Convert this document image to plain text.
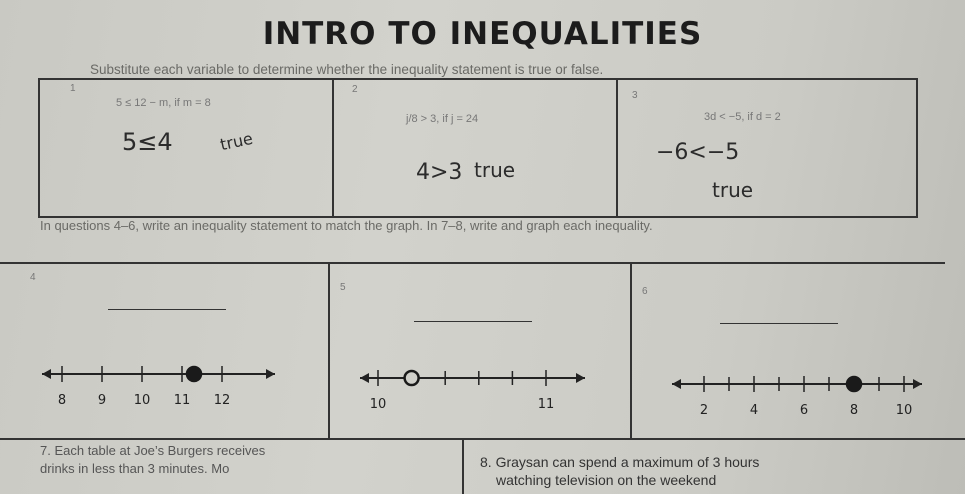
INTRO TO INEQUALITIES
Substitute each variable to determine whether the inequality statement is true or false.
1
5 ≤ 12 − m, if m = 8
5≤4	true
2
j/8 > 3, if j = 24
4>3 true
3
3d < −5, if d = 2
−6<−5
true
In questions 4–6, write an inequality statement to match the graph. In 7–8, write and graph each inequality.
4
8 9 10 11 12
5
10	11
6
2	4	6	8	10
7. Each table at Joe’s Burgers receives
drinks in less than 3 minutes. Mo	8. Graysan can spend a maximum of 3 hours
watching television on the weekend
